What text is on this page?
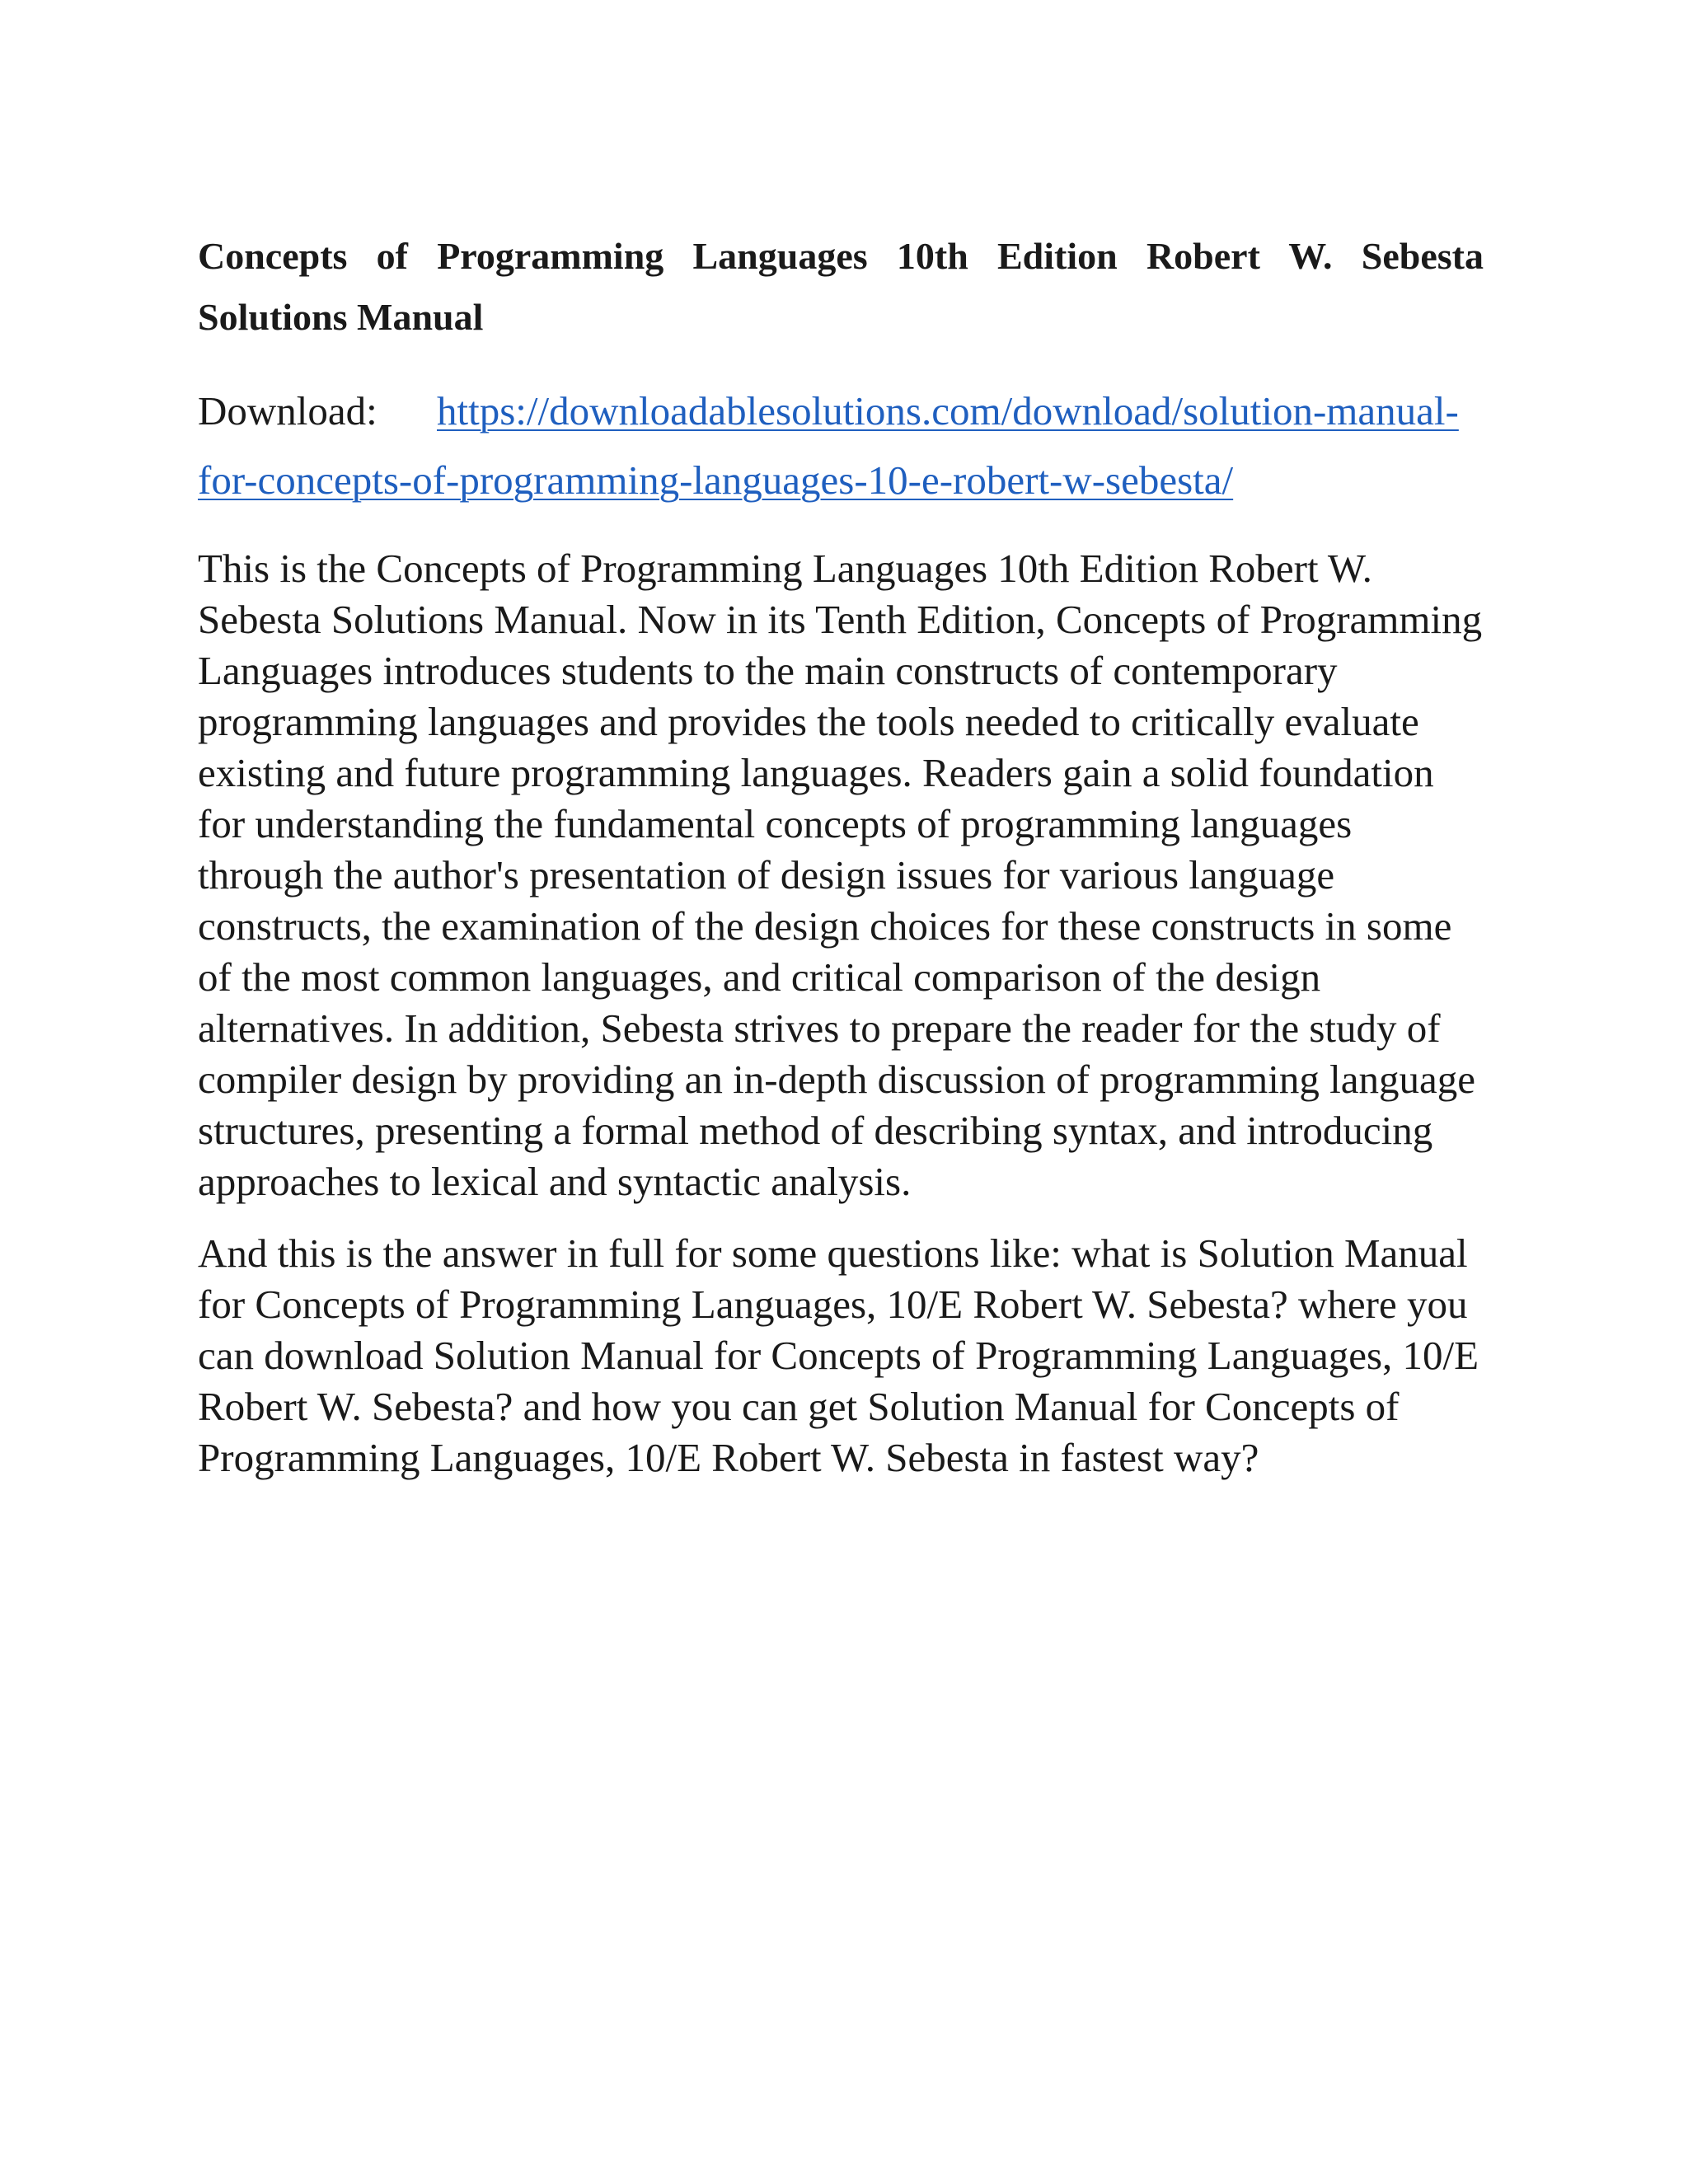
Concepts of Programming Languages 10th Edition Robert W. Sebesta Solutions Manual
Download: https://downloadablesolutions.com/download/solution-manual-for-concepts-of-programming-languages-10-e-robert-w-sebesta/

This is the Concepts of Programming Languages 10th Edition Robert W. Sebesta Solutions Manual. Now in its Tenth Edition, Concepts of Programming Languages introduces students to the main constructs of contemporary programming languages and provides the tools needed to critically evaluate existing and future programming languages. Readers gain a solid foundation for understanding the fundamental concepts of programming languages through the author's presentation of design issues for various language constructs, the examination of the design choices for these constructs in some of the most common languages, and critical comparison of the design alternatives. In addition, Sebesta strives to prepare the reader for the study of compiler design by providing an in-depth discussion of programming language structures, presenting a formal method of describing syntax, and introducing approaches to lexical and syntactic analysis.

And this is the answer in full for some questions like: what is Solution Manual for Concepts of Programming Languages, 10/E Robert W. Sebesta? where you can download Solution Manual for Concepts of Programming Languages, 10/E Robert W. Sebesta? and how you can get Solution Manual for Concepts of Programming Languages, 10/E Robert W. Sebesta in fastest way?
